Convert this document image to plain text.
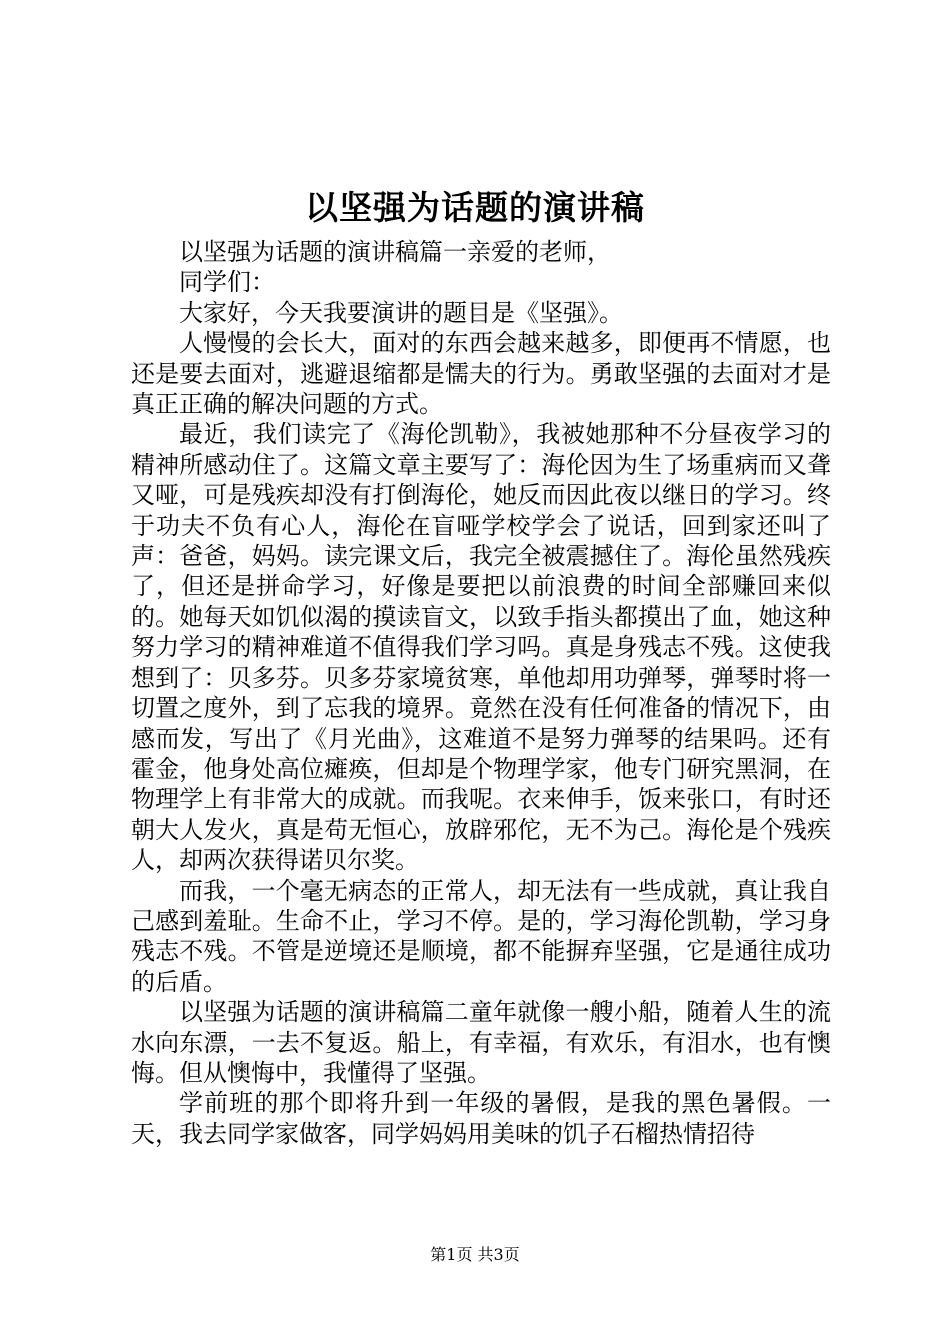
以坚强为话题的演讲稿

以坚强为话题的演讲稿篇一亲爱的老师，

同学们：

大家好，今天我要演讲的题目是《坚强》。

人慢慢的会长大，面对的东西会越来越多，即便再不情愿，也还是要去面对，逃避退缩都是懦夫的行为。勇敢坚强的去面对才是真正正确的解决问题的方式。

最近，我们读完了《海伦凯勒》，我被她那种不分昼夜学习的精神所感动住了。这篇文章主要写了：海伦因为生了场重病而又聋又哑，可是残疾却没有打倒海伦，她反而因此夜以继日的学习。终于功夫不负有心人，海伦在盲哑学校学会了说话，回到家还叫了声：爸爸，妈妈。读完课文后，我完全被震撼住了。海伦虽然残疾了，但还是拼命学习，好像是要把以前浪费的时间全部赚回来似的。她每天如饥似渴的摸读盲文，以致手指头都摸出了血，她这种努力学习的精神难道不值得我们学习吗。真是身残志不残。这使我想到了：贝多芬。贝多芬家境贫寒，单他却用功弹琴，弹琴时将一切置之度外，到了忘我的境界。竟然在没有任何准备的情况下，由感而发，写出了《月光曲》，这难道不是努力弹琴的结果吗。还有霍金，他身处高位瘫痪，但却是个物理学家，他专门研究黑洞，在物理学上有非常大的成就。而我呢。衣来伸手，饭来张口，有时还朝大人发火，真是苟无恒心，放辟邪佗，无不为己。海伦是个残疾人，却两次获得诺贝尔奖。

而我，一个毫无病态的正常人，却无法有一些成就，真让我自己感到羞耻。生命不止，学习不停。是的，学习海伦凯勒，学习身残志不残。不管是逆境还是顺境，都不能摒弃坚强，它是通往成功的后盾。

以坚强为话题的演讲稿篇二童年就像一艘小船，随着人生的流水向东漂，一去不复返。船上，有幸福，有欢乐，有泪水，也有懊悔。但从懊悔中，我懂得了坚强。

学前班的那个即将升到一年级的暑假，是我的黑色暑假。一天，我去同学家做客，同学妈妈用美味的饥子石榴热情招待

第1页 共3页
